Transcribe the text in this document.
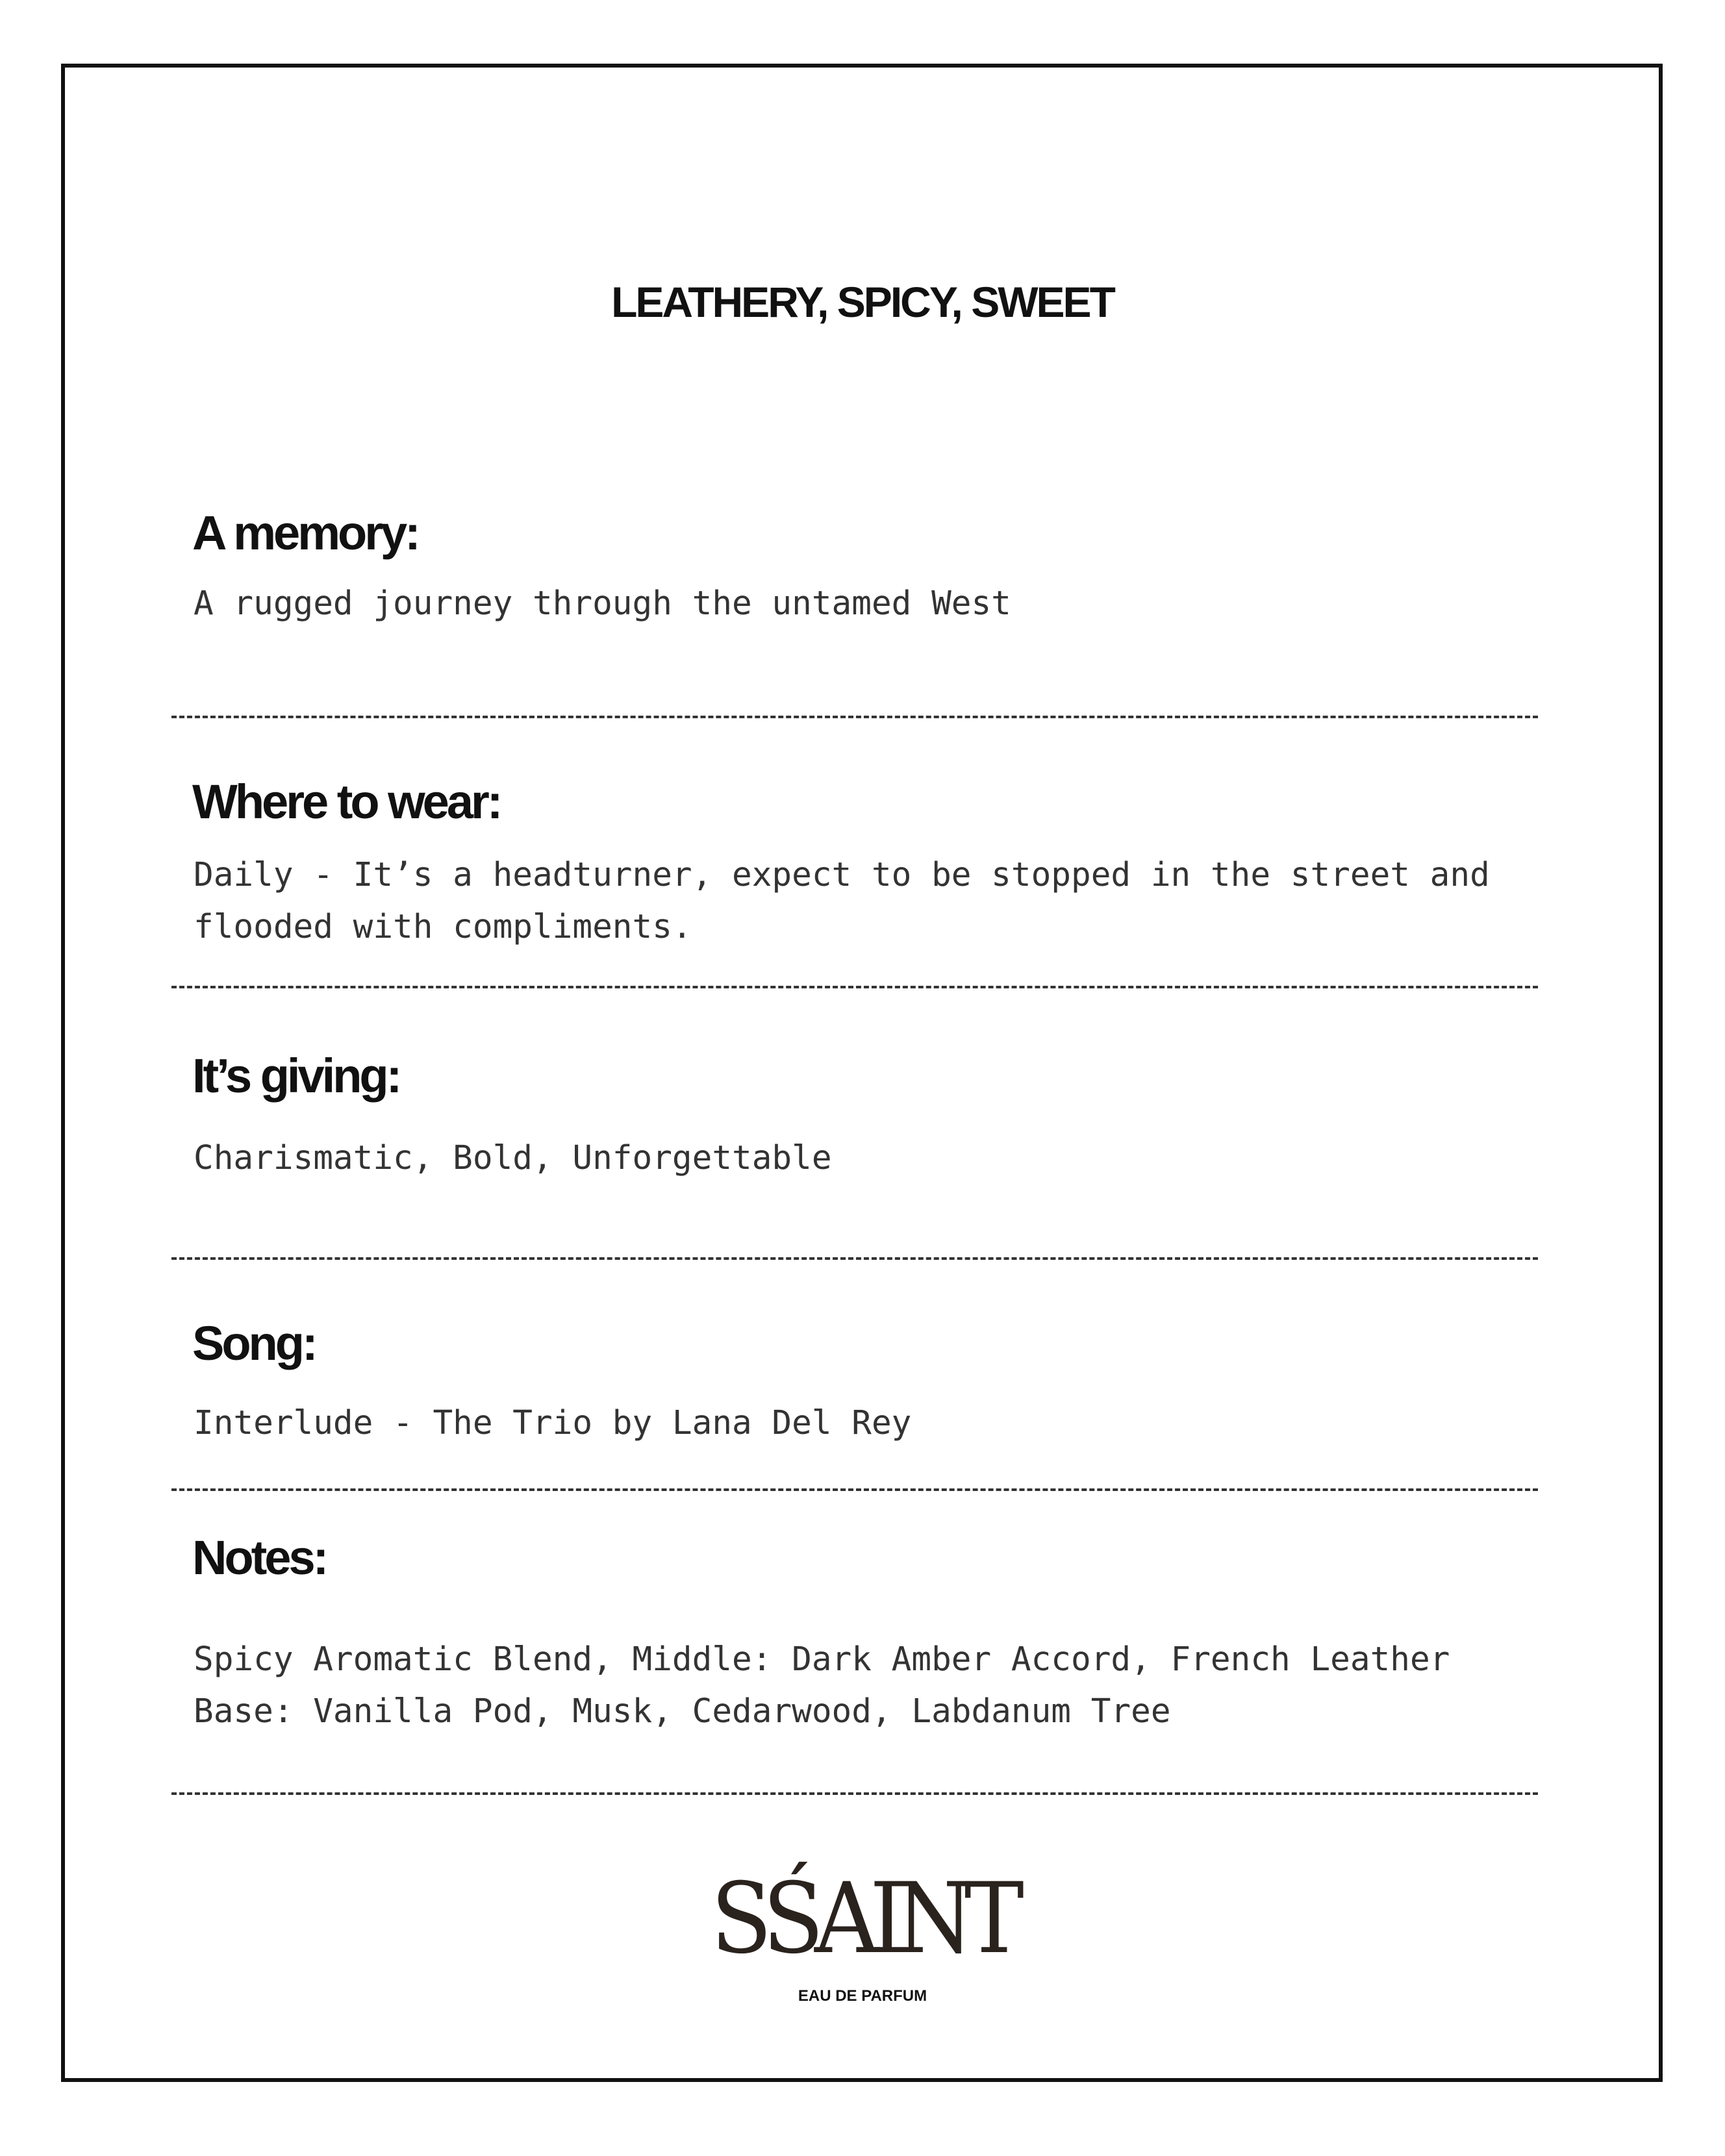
LEATHERY, SPICY, SWEET
A memory:

A rugged journey through the untamed West

Where to wear:

Daily - It’s a headturner, expect to be stopped in the street and
flooded with compliments.

It’s giving:

Charismatic, Bold, Unforgettable

Song:

Interlude - The Trio by Lana Del Rey

Notes:

Spicy Aromatic Blend, Middle: Dark Amber Accord, French Leather
Base: Vanilla Pod, Musk, Cedarwood, Labdanum Tree

SŚAINT
EAU DE PARFUM
